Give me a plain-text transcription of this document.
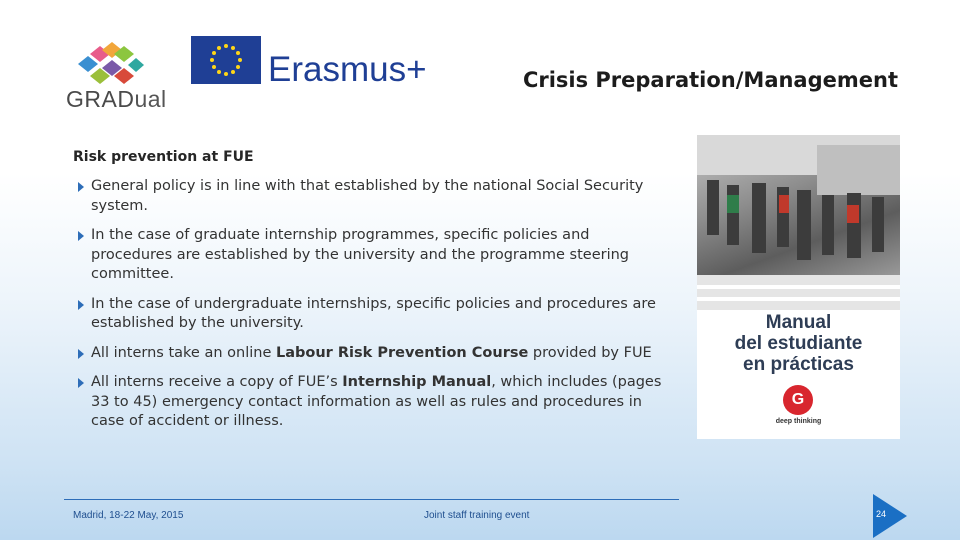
GRADual
Erasmus+	Crisis Preparation/Management
Risk prevention at FUE
General policy is in line with that established by the national Social Security system.
In the case of graduate internship programmes, specific policies and procedures are established by the university and the programme steering committee.
In the case of undergraduate internships, specific policies and procedures are established by the university.
All interns take an online Labour Risk Prevention Course provided by FUE
All interns receive a copy of FUE’s Internship Manual, which includes (pages 33 to 45) emergency contact information as well as rules and procedures in case of accident or illness.
Manual
del estudiante
en prácticas
G
deep thinking
Madrid, 18-22 May, 2015	Joint staff training event	24
